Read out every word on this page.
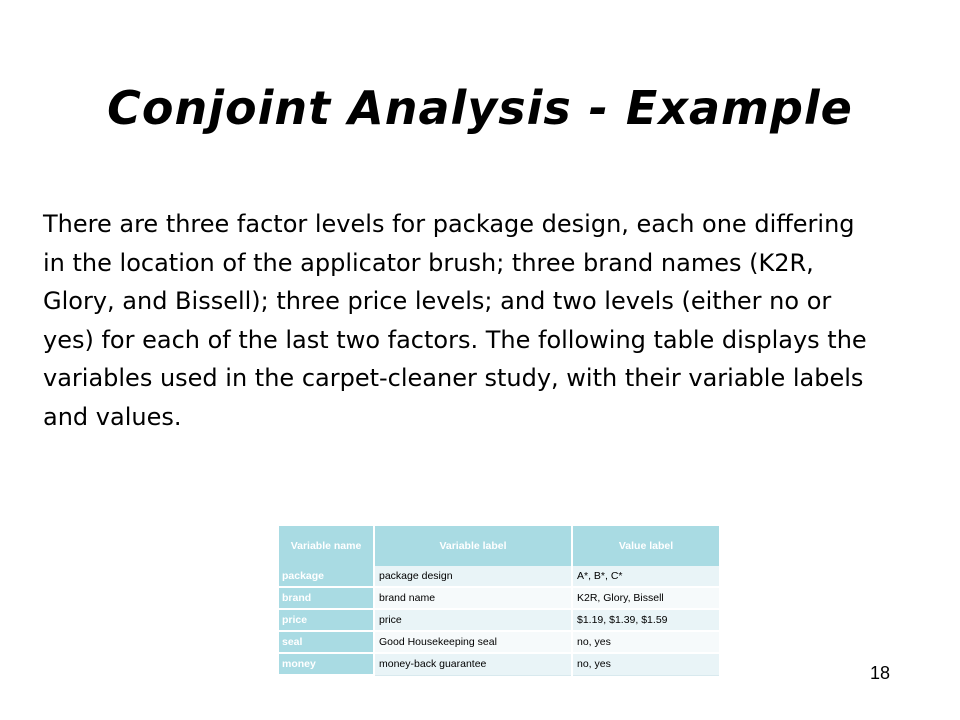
Conjoint Analysis - Example

There are three factor levels for package design, each one differing in the location of the applicator brush; three brand names (K2R, Glory, and Bissell); three price levels; and two levels (either no or yes) for each of the last two factors. The following table displays the variables used in the carpet-cleaner study, with their variable labels and values.

Variable name	Variable label	Value label
package	package design	A*, B*, C*
brand	brand name	K2R, Glory, Bissell
price	price	$1.19, $1.39, $1.59
seal	Good Housekeeping seal	no, yes
money	money-back guarantee	no, yes	18
